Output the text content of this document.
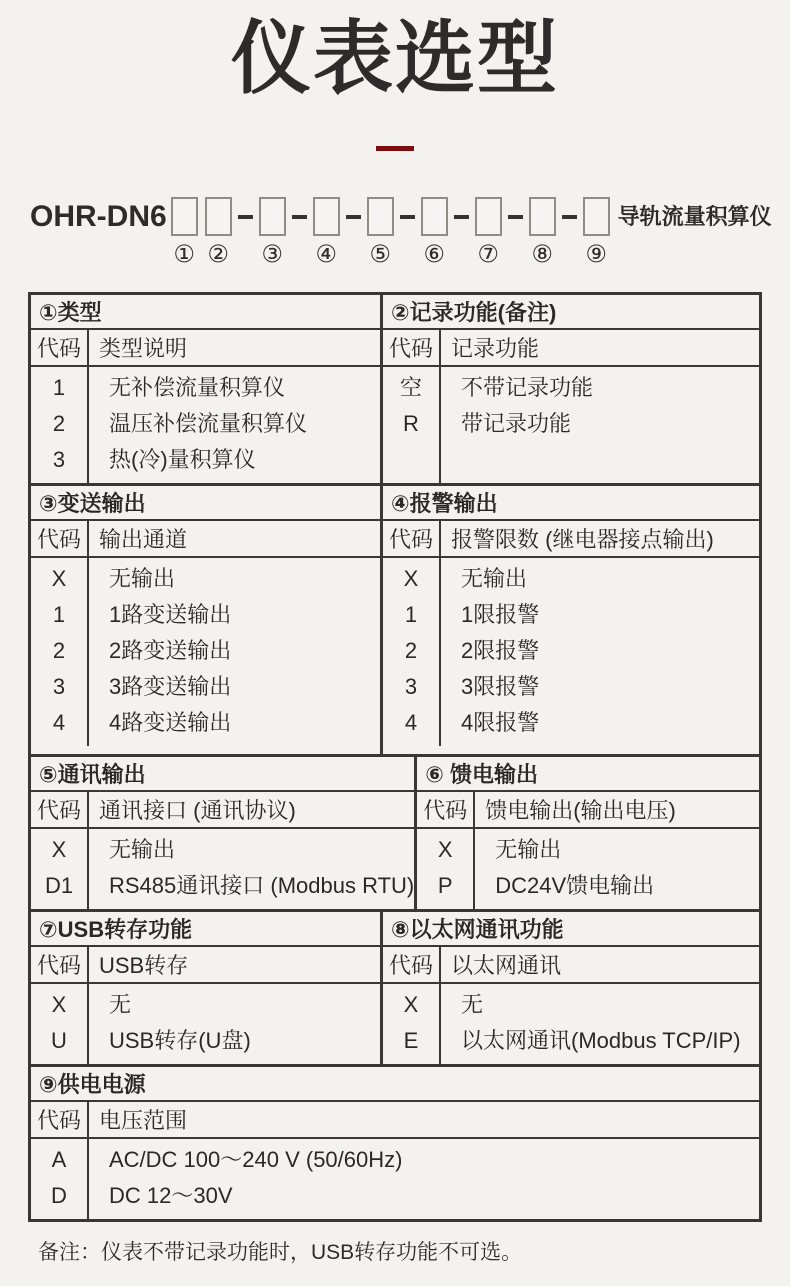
仪表选型
OHR-DN6
① ② ③ ④ ⑤ ⑥ ⑦ ⑧ ⑨
导轨流量积算仪
①类型
代码 类型说明
1
2
3
无补偿流量积算仪
温压补偿流量积算仪
热(冷)量积算仪
②记录功能(备注)
代码 记录功能
空
R
不带记录功能
带记录功能
③变送输出
代码 输出通道
X
1
2
3
4
无输出
1路变送输出
2路变送输出
3路变送输出
4路变送输出
④报警输出
代码 报警限数 (继电器接点输出)
X
1
2
3
4
无输出
1限报警
2限报警
3限报警
4限报警
⑤通讯输出
代码 通讯接口 (通讯协议)
X
D1
无输出
RS485通讯接口 (Modbus RTU)
⑥ 馈电输出
代码 馈电输出(输出电压)
X
P
无输出
DC24V馈电输出
⑦USB转存功能
代码 USB转存
X
U
无
USB转存(U盘)
⑧以太网通讯功能
代码 以太网通讯
X
E
无
以太网通讯(Modbus TCP/IP)
⑨供电电源
代码 电压范围
A
D
AC/DC 100～240 V (50/60Hz)
DC 12～30V

备注：仪表不带记录功能时，USB转存功能不可选。
